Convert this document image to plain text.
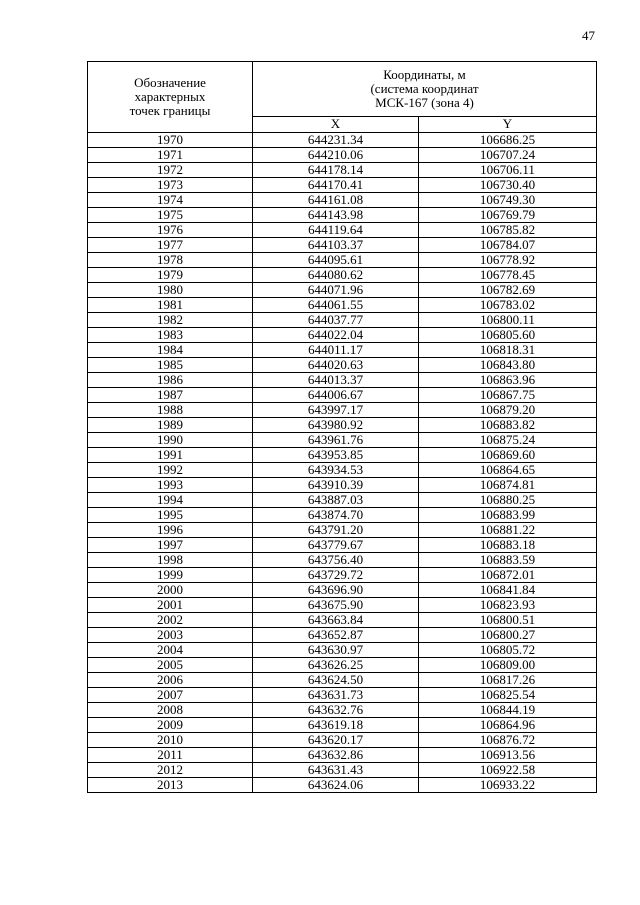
47
Обозначение
характерных
точек границы	Координаты, м
(система координат
МСК-167 (зона 4)	

	X	Y
1970	644231.34	106686.25
1971	644210.06	106707.24
1972	644178.14	106706.11
1973	644170.41	106730.40
1974	644161.08	106749.30
1975	644143.98	106769.79
1976	644119.64	106785.82
1977	644103.37	106784.07
1978	644095.61	106778.92
1979	644080.62	106778.45
1980	644071.96	106782.69
1981	644061.55	106783.02
1982	644037.77	106800.11
1983	644022.04	106805.60
1984	644011.17	106818.31
1985	644020.63	106843.80
1986	644013.37	106863.96
1987	644006.67	106867.75
1988	643997.17	106879.20
1989	643980.92	106883.82
1990	643961.76	106875.24
1991	643953.85	106869.60
1992	643934.53	106864.65
1993	643910.39	106874.81
1994	643887.03	106880.25
1995	643874.70	106883.99
1996	643791.20	106881.22
1997	643779.67	106883.18
1998	643756.40	106883.59
1999	643729.72	106872.01
2000	643696.90	106841.84
2001	643675.90	106823.93
2002	643663.84	106800.51
2003	643652.87	106800.27
2004	643630.97	106805.72
2005	643626.25	106809.00
2006	643624.50	106817.26
2007	643631.73	106825.54
2008	643632.76	106844.19
2009	643619.18	106864.96
2010	643620.17	106876.72
2011	643632.86	106913.56
2012	643631.43	106922.58
2013	643624.06	106933.22
